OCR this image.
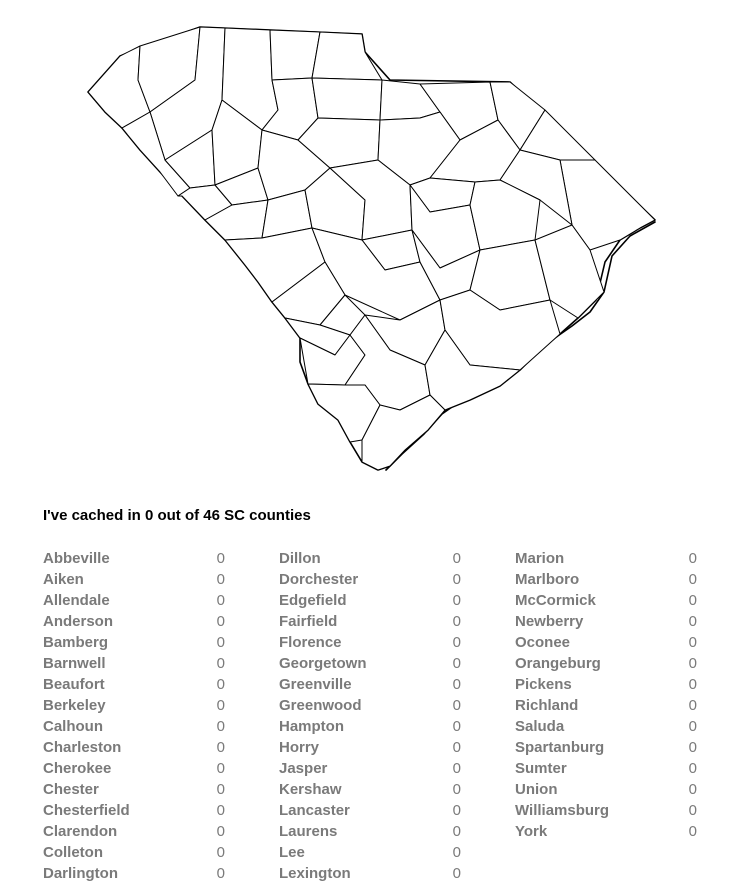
I've cached in 0 out of 46 SC counties

Abbeville	0
Aiken	0
Allendale	0
Anderson	0
Bamberg	0
Barnwell	0
Beaufort	0
Berkeley	0
Calhoun	0
Charleston	0
Cherokee	0
Chester	0
Chesterfield	0
Clarendon	0
Colleton	0
Darlington	0
Dillon	0
Dorchester	0
Edgefield	0
Fairfield	0
Florence	0
Georgetown	0
Greenville	0
Greenwood	0
Hampton	0
Horry	0
Jasper	0
Kershaw	0
Lancaster	0
Laurens	0
Lee	0
Lexington	0
Marion	0
Marlboro	0
McCormick	0
Newberry	0
Oconee	0
Orangeburg	0
Pickens	0
Richland	0
Saluda	0
Spartanburg	0
Sumter	0
Union	0
Williamsburg	0
York	0
